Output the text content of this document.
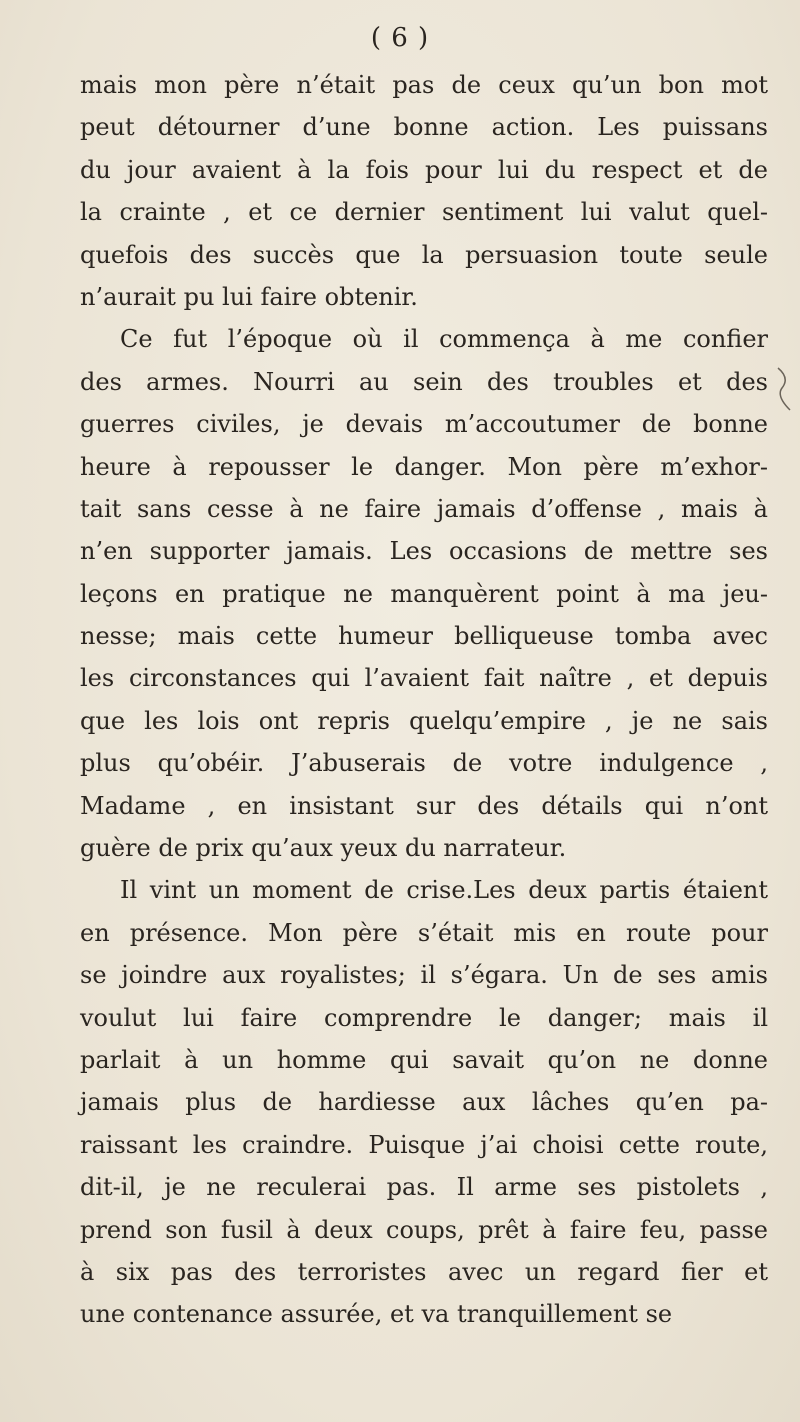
( 6 )
mais mon père n’était pas de ceux qu’un bon mot
peut détourner d’une bonne action. Les puissans
du jour avaient à la fois pour lui du respect et de
la crainte , et ce dernier sentiment lui valut quel-
quefois des succès que la persuasion toute seule
n’aurait pu lui faire obtenir.
Ce fut l’époque où il commença à me confier
des armes. Nourri au sein des troubles et des
guerres civiles, je devais m’accoutumer de bonne
heure à repousser le danger. Mon père m’exhor-
tait sans cesse à ne faire jamais d’offense , mais à
n’en supporter jamais. Les occasions de mettre ses
leçons en pratique ne manquèrent point à ma jeu-
nesse; mais cette humeur belliqueuse tomba avec
les circonstances qui l’avaient fait naître , et depuis
que les lois ont repris quelqu’empire , je ne sais
plus qu’obéir. J’abuserais de votre indulgence ,
Madame , en insistant sur des détails qui n’ont
guère de prix qu’aux yeux du narrateur.
Il vint un moment de crise.Les deux partis étaient
en présence. Mon père s’était mis en route pour
se joindre aux royalistes; il s’égara. Un de ses amis
voulut lui faire comprendre le danger; mais il
parlait à un homme qui savait qu’on ne donne
jamais plus de hardiesse aux lâches qu’en pa-
raissant les craindre. Puisque j’ai choisi cette route,
dit-il, je ne reculerai pas. Il arme ses pistolets ,
prend son fusil à deux coups, prêt à faire feu, passe
à six pas des terroristes avec un regard fier et
une contenance assurée, et va tranquillement se
